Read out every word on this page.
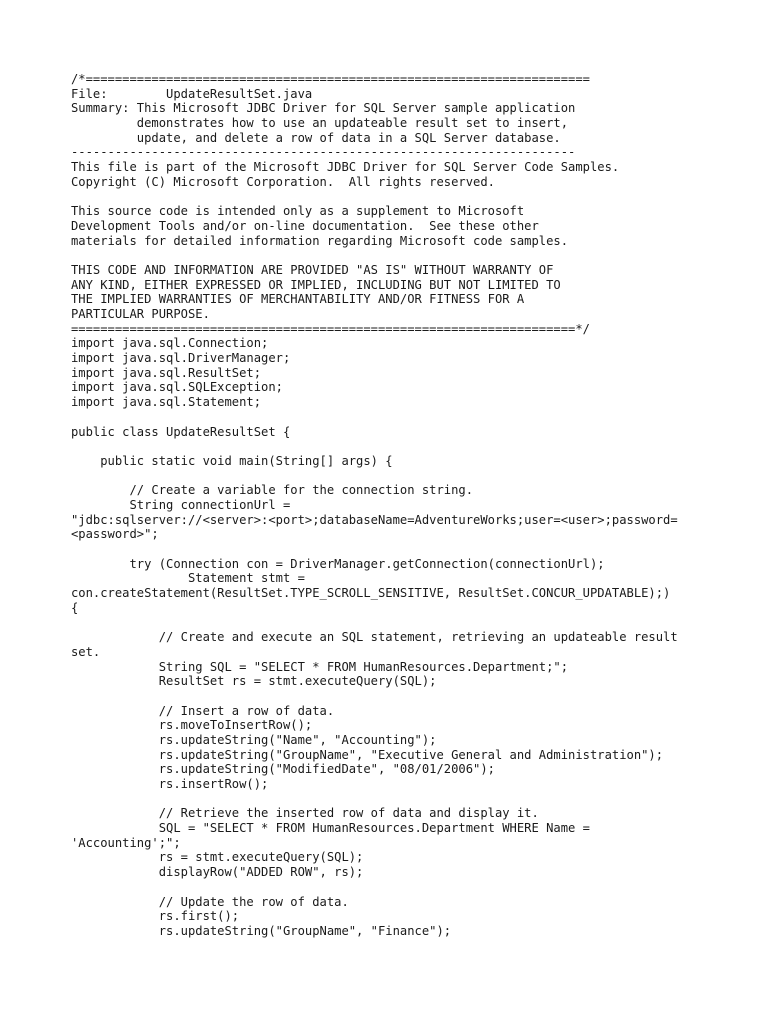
/*=====================================================================
File:        UpdateResultSet.java
Summary: This Microsoft JDBC Driver for SQL Server sample application
demonstrates how to use an updateable result set to insert,
update, and delete a row of data in a SQL Server database.
---------------------------------------------------------------------
This file is part of the Microsoft JDBC Driver for SQL Server Code Samples.
Copyright (C) Microsoft Corporation.  All rights reserved.
This source code is intended only as a supplement to Microsoft
Development Tools and/or on-line documentation.  See these other
materials for detailed information regarding Microsoft code samples.
THIS CODE AND INFORMATION ARE PROVIDED "AS IS" WITHOUT WARRANTY OF
ANY KIND, EITHER EXPRESSED OR IMPLIED, INCLUDING BUT NOT LIMITED TO
THE IMPLIED WARRANTIES OF MERCHANTABILITY AND/OR FITNESS FOR A
PARTICULAR PURPOSE.
=====================================================================*/
import java.sql.Connection;
import java.sql.DriverManager;
import java.sql.ResultSet;
import java.sql.SQLException;
import java.sql.Statement;
public class UpdateResultSet {
public static void main(String[] args) {
// Create a variable for the connection string.
String connectionUrl =
"jdbc:sqlserver://<server>:<port>;databaseName=AdventureWorks;user=<user>;password=
<password>";
try (Connection con = DriverManager.getConnection(connectionUrl);
Statement stmt =
con.createStatement(ResultSet.TYPE_SCROLL_SENSITIVE, ResultSet.CONCUR_UPDATABLE);)
{
// Create and execute an SQL statement, retrieving an updateable result
set.
String SQL = "SELECT * FROM HumanResources.Department;";
ResultSet rs = stmt.executeQuery(SQL);
// Insert a row of data.
rs.moveToInsertRow();
rs.updateString("Name", "Accounting");
rs.updateString("GroupName", "Executive General and Administration");
rs.updateString("ModifiedDate", "08/01/2006");
rs.insertRow();
// Retrieve the inserted row of data and display it.
SQL = "SELECT * FROM HumanResources.Department WHERE Name =
'Accounting';";
rs = stmt.executeQuery(SQL);
displayRow("ADDED ROW", rs);
// Update the row of data.
rs.first();
rs.updateString("GroupName", "Finance");
